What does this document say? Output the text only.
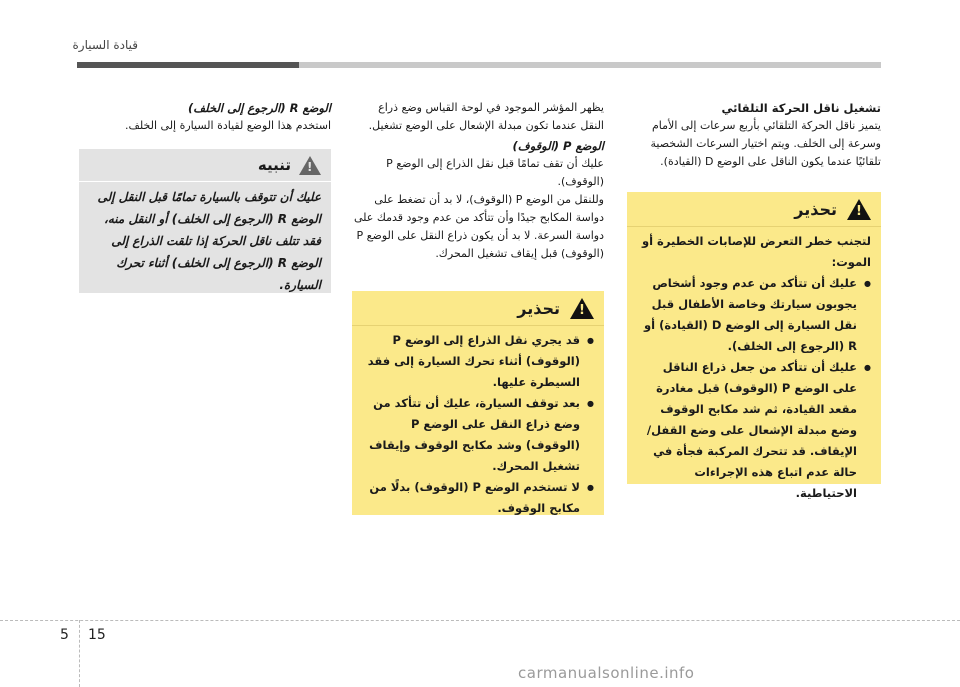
قيادة السيارة

تشغيل ناقل الحركة التلقائي

يتميز ناقل الحركة التلقائي بأربع سرعات إلى الأمام وسرعة إلى الخلف. ويتم اختيار السرعات الشخصية تلقائيًا عندما يكون الناقل على الوضع D (القيادة).

!
تحذير

لتجنب خطر التعرض للإصابات الخطيرة أو الموت:

● عليك أن تتأكد من عدم وجود أشخاص يجوبون سيارتك وخاصة الأطفال قبل نقل السيارة إلى الوضع D (القيادة) أو R (الرجوع إلى الخلف).
● عليك أن تتأكد من جعل ذراع الناقل على الوضع P (الوقوف) قبل مغادرة مقعد القيادة، ثم شد مكابح الوقوف وضع مبدلة الإشعال على وضع القفل/الإيقاف. قد تتحرك المركبة فجأة في حالة عدم اتباع هذه الإجراءات الاحتياطية.

يظهر المؤشر الموجود في لوحة القياس وضع ذراع النقل عندما تكون مبدلة الإشعال على الوضع تشغيل.

الوضع P (الوقوف)

عليك أن تقف تمامًا قبل نقل الذراع إلى الوضع P (الوقوف).

وللنقل من الوضع P (الوقوف)، لا بد أن تضغط على دواسة المكابح جيدًا وأن تتأكد من عدم وجود قدمك على دواسة السرعة. لا بد أن يكون ذراع النقل على الوضع P (الوقوف) قبل إيقاف تشغيل المحرك.

!
تحذير
● قد يجري نقل الذراع إلى الوضع P (الوقوف) أثناء تحرك السيارة إلى فقد السيطرة عليها.
● بعد توقف السيارة، عليك أن تتأكد من وضع ذراع النقل على الوضع P (الوقوف) وشد مكابح الوقوف وإيقاف تشغيل المحرك.
● لا تستخدم الوضع P (الوقوف) بدلًا من مكابح الوقوف.

الوضع R (الرجوع إلى الخلف)

استخدم هذا الوضع لقيادة السيارة إلى الخلف.

!
تنبيه
عليك أن تتوقف بالسيارة تمامًا قبل النقل إلى الوضع R (الرجوع إلى الخلف) أو النقل منه، فقد تتلف ناقل الحركة إذا تلقت الذراع إلى الوضع R (الرجوع إلى الخلف) أثناء تحرك السيارة.
5 15
carmanualsonline.info
